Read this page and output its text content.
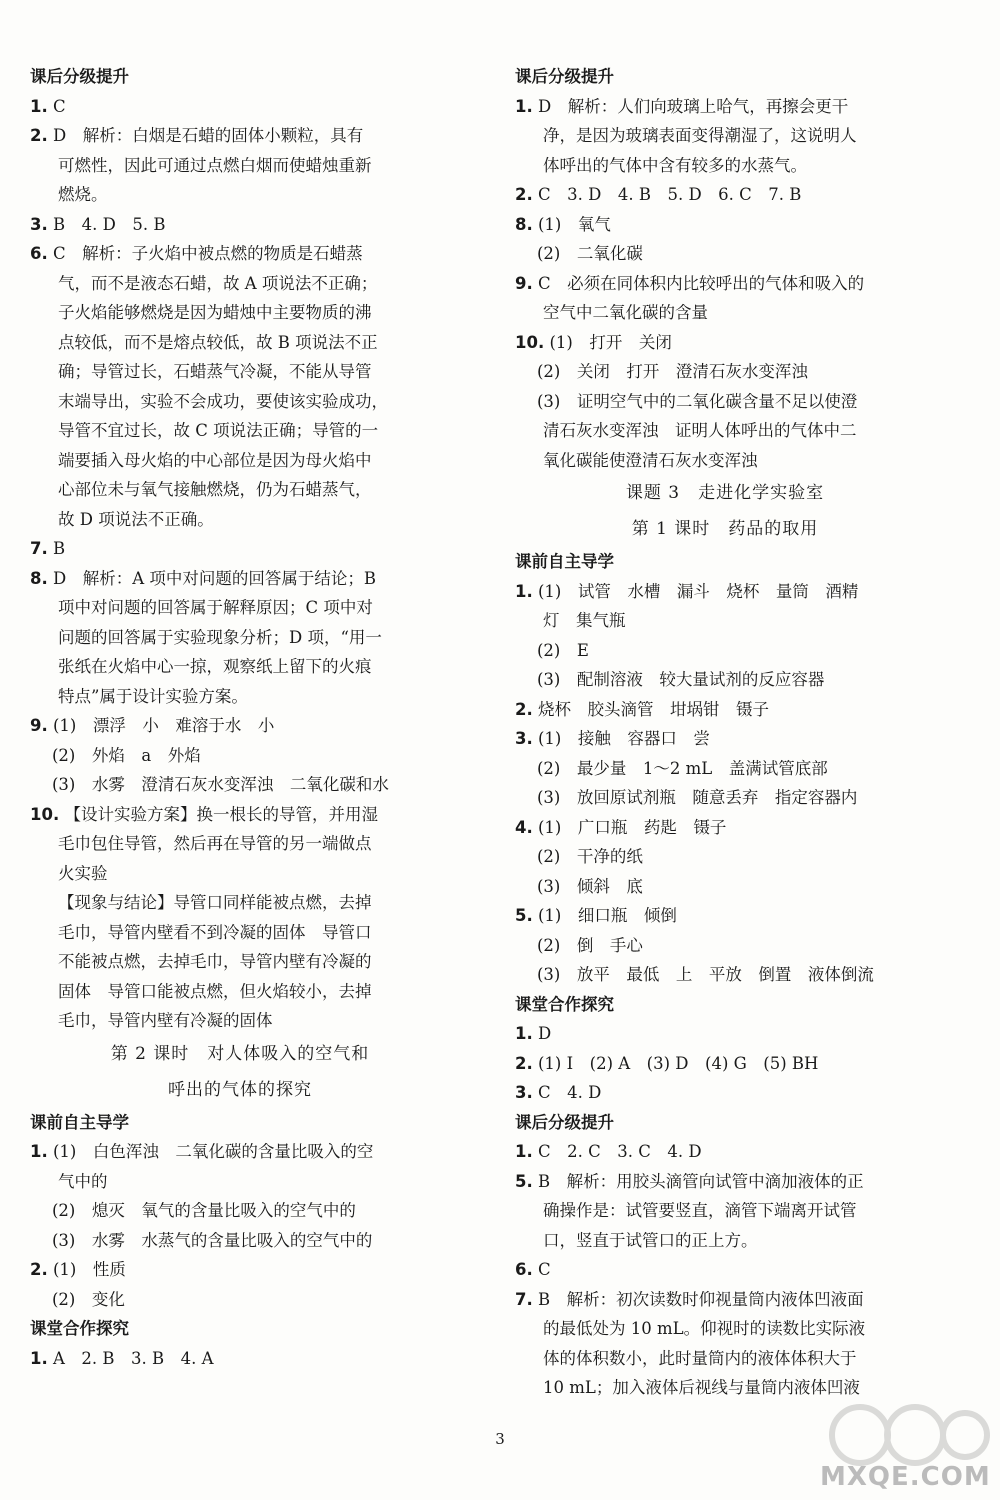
课后分级提升
1. C
2. D　解析：白烟是石蜡的固体小颗粒，具有
可燃性，因此可通过点燃白烟而使蜡烛重新
燃烧。
3. B　4. D　5. B
6. C　解析：子火焰中被点燃的物质是石蜡蒸
气，而不是液态石蜡，故 A 项说法不正确；
子火焰能够燃烧是因为蜡烛中主要物质的沸
点较低，而不是熔点较低，故 B 项说法不正
确；导管过长，石蜡蒸气冷凝，不能从导管
末端导出，实验不会成功，要使该实验成功，
导管不宜过长，故 C 项说法正确；导管的一
端要插入母火焰的中心部位是因为母火焰中
心部位未与氧气接触燃烧，仍为石蜡蒸气，
故 D 项说法不正确。
7. B
8. D　解析：A 项中对问题的回答属于结论；B
项中对问题的回答属于解释原因；C 项中对
问题的回答属于实验现象分析；D 项，“用一
张纸在火焰中心一掠，观察纸上留下的火痕
特点”属于设计实验方案。
9. (1)　漂浮　小　难溶于水　小
(2)　外焰　a　外焰
(3)　水雾　澄清石灰水变浑浊　二氧化碳和水
10. 【设计实验方案】换一根长的导管，并用湿
毛巾包住导管，然后再在导管的另一端做点
火实验
【现象与结论】导管口同样能被点燃，去掉
毛巾，导管内壁看不到冷凝的固体　导管口
不能被点燃，去掉毛巾，导管内壁有冷凝的
固体　导管口能被点燃，但火焰较小，去掉
毛巾，导管内壁有冷凝的固体
第 2 课时　对人体吸入的空气和
呼出的气体的探究
课前自主导学
1. (1)　白色浑浊　二氧化碳的含量比吸入的空
气中的
(2)　熄灭　氧气的含量比吸入的空气中的
(3)　水雾　水蒸气的含量比吸入的空气中的
2. (1)　性质
(2)　变化
课堂合作探究
1. A　2. B　3. B　4. A
课后分级提升
1. D　解析：人们向玻璃上哈气，再擦会更干
净，是因为玻璃表面变得潮湿了，这说明人
体呼出的气体中含有较多的水蒸气。
2. C　3. D　4. B　5. D　6. C　7. B
8. (1)　氧气
(2)　二氧化碳
9. C　必须在同体积内比较呼出的气体和吸入的
空气中二氧化碳的含量
10. (1)　打开　关闭
(2)　关闭　打开　澄清石灰水变浑浊
(3)　证明空气中的二氧化碳含量不足以使澄
清石灰水变浑浊　证明人体呼出的气体中二
氧化碳能使澄清石灰水变浑浊
课题 3　走进化学实验室
第 1 课时　药品的取用
课前自主导学
1. (1)　试管　水槽　漏斗　烧杯　量筒　酒精
灯　集气瓶
(2)　E
(3)　配制溶液　较大量试剂的反应容器
2. 烧杯　胶头滴管　坩埚钳　镊子
3. (1)　接触　容器口　尝
(2)　最少量　1～2 mL　盖满试管底部
(3)　放回原试剂瓶　随意丢弃　指定容器内
4. (1)　广口瓶　药匙　镊子
(2)　干净的纸
(3)　倾斜　底
5. (1)　细口瓶　倾倒
(2)　倒　手心
(3)　放平　最低　上　平放　倒置　液体倒流
课堂合作探究
1. D
2. (1) I　(2) A　(3) D　(4) G　(5) BH
3. C　4. D
课后分级提升
1. C　2. C　3. C　4. D
5. B　解析：用胶头滴管向试管中滴加液体的正
确操作是：试管要竖直，滴管下端离开试管
口，竖直于试管口的正上方。
6. C
7. B　解析：初次读数时仰视量筒内液体凹液面
的最低处为 10 mL。仰视时的读数比实际液
体的体积数小，此时量筒内的液体体积大于
10 mL；加入液体后视线与量筒内液体凹液
3
MXQE.COM
